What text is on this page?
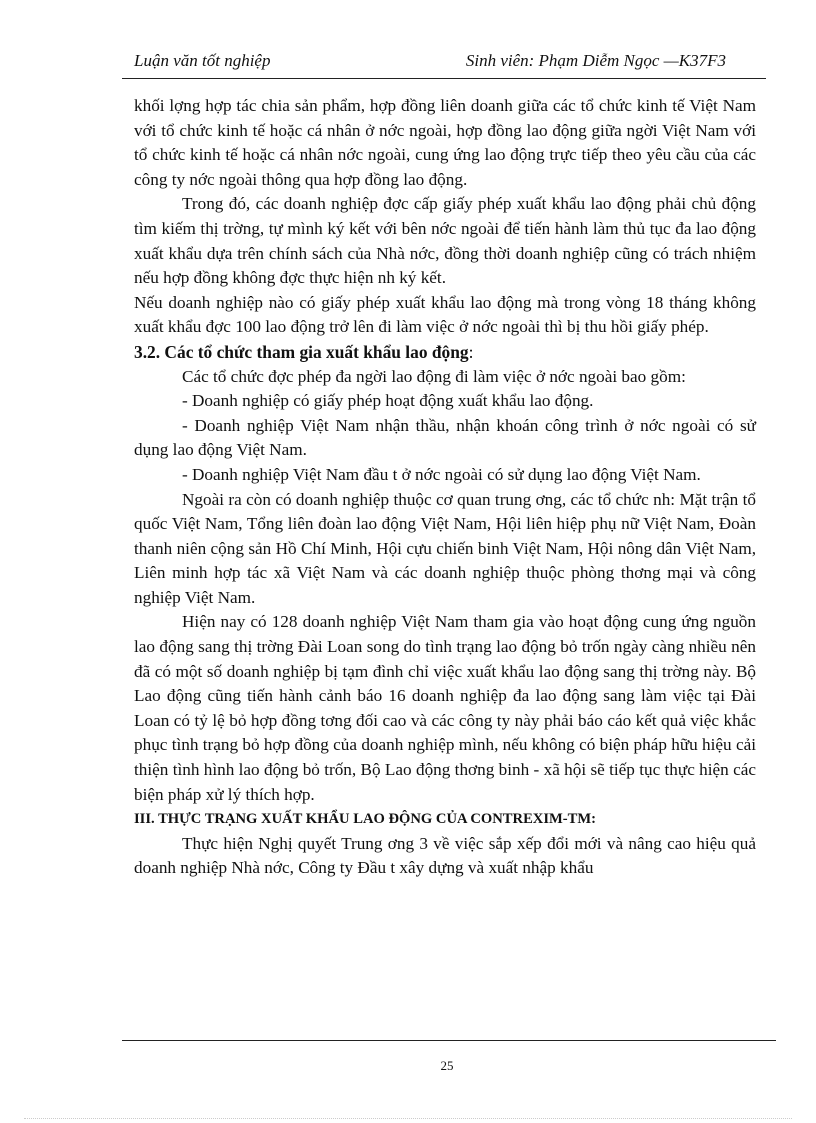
Luận văn tốt nghiệp	Sinh viên: Phạm Diễm Ngọc —K37F3

khối lợng hợp tác chia sản phẩm, hợp đồng liên doanh giữa các tổ chức kinh tế Việt Nam với tổ chức kinh tế hoặc cá nhân ở nớc ngoài, hợp đồng lao động giữa ngời Việt Nam với tổ chức kinh tế hoặc cá nhân nớc ngoài, cung ứng lao động trực tiếp theo yêu cầu của các công ty nớc ngoài thông qua hợp đồng lao động.

Trong đó, các doanh nghiệp đợc cấp giấy phép xuất khẩu lao động phải chủ động tìm kiếm thị trờng, tự mình ký kết với bên nớc ngoài để tiến hành làm thủ tục đa lao động xuất khẩu dựa trên chính sách của Nhà nớc, đồng thời doanh nghiệp cũng có trách nhiệm nếu hợp đồng không đợc thực hiện nh ký kết.

Nếu doanh nghiệp nào có giấy phép xuất khẩu lao động mà trong vòng 18 tháng không xuất khẩu đợc 100 lao động trở lên đi làm việc ở nớc ngoài thì bị thu hồi giấy phép.

3.2. Các tổ chức tham gia xuất khẩu lao động:

Các tổ chức đợc phép đa ngời lao động đi làm việc ở nớc ngoài bao gồm:

- Doanh nghiệp có giấy phép hoạt động xuất khẩu lao động.

- Doanh nghiệp Việt Nam nhận thầu, nhận khoán công trình ở nớc ngoài có sử dụng lao động Việt Nam.

- Doanh nghiệp Việt Nam đầu t ở nớc ngoài có sử dụng lao động Việt Nam.

Ngoài ra còn có doanh nghiệp thuộc cơ quan trung ơng, các tổ chức nh: Mặt trận tổ quốc Việt Nam, Tổng liên đoàn lao động Việt Nam, Hội liên hiệp phụ nữ Việt Nam, Đoàn thanh niên cộng sản Hồ Chí Minh, Hội cựu chiến binh Việt Nam, Hội nông dân Việt Nam, Liên minh hợp tác xã Việt Nam và các doanh nghiệp thuộc phòng thơng mại và công nghiệp Việt Nam.

Hiện nay có 128 doanh nghiệp Việt Nam tham gia vào hoạt động cung ứng nguồn lao động sang thị trờng Đài Loan song do tình trạng lao động bỏ trốn ngày càng nhiều nên đã có một số doanh nghiệp bị tạm đình chỉ việc xuất khẩu lao động sang thị trờng này. Bộ Lao động cũng tiến hành cảnh báo 16 doanh nghiệp đa lao động sang làm việc tại Đài Loan có tỷ lệ bỏ hợp đồng tơng đối cao và các công ty này phải báo cáo kết quả việc khắc phục tình trạng bỏ hợp đồng của doanh nghiệp mình, nếu không có biện pháp hữu hiệu cải thiện tình hình lao động bỏ trốn, Bộ Lao động thơng binh - xã hội sẽ tiếp tục thực hiện các biện pháp xử lý thích hợp.

III. THỰC TRẠNG XUẤT KHẨU LAO ĐỘNG CỦA CONTREXIM-TM:

Thực hiện Nghị quyết Trung ơng 3 về việc sắp xếp đổi mới và nâng cao hiệu quả doanh nghiệp Nhà nớc, Công ty Đầu t xây dựng và xuất nhập khẩu

25
